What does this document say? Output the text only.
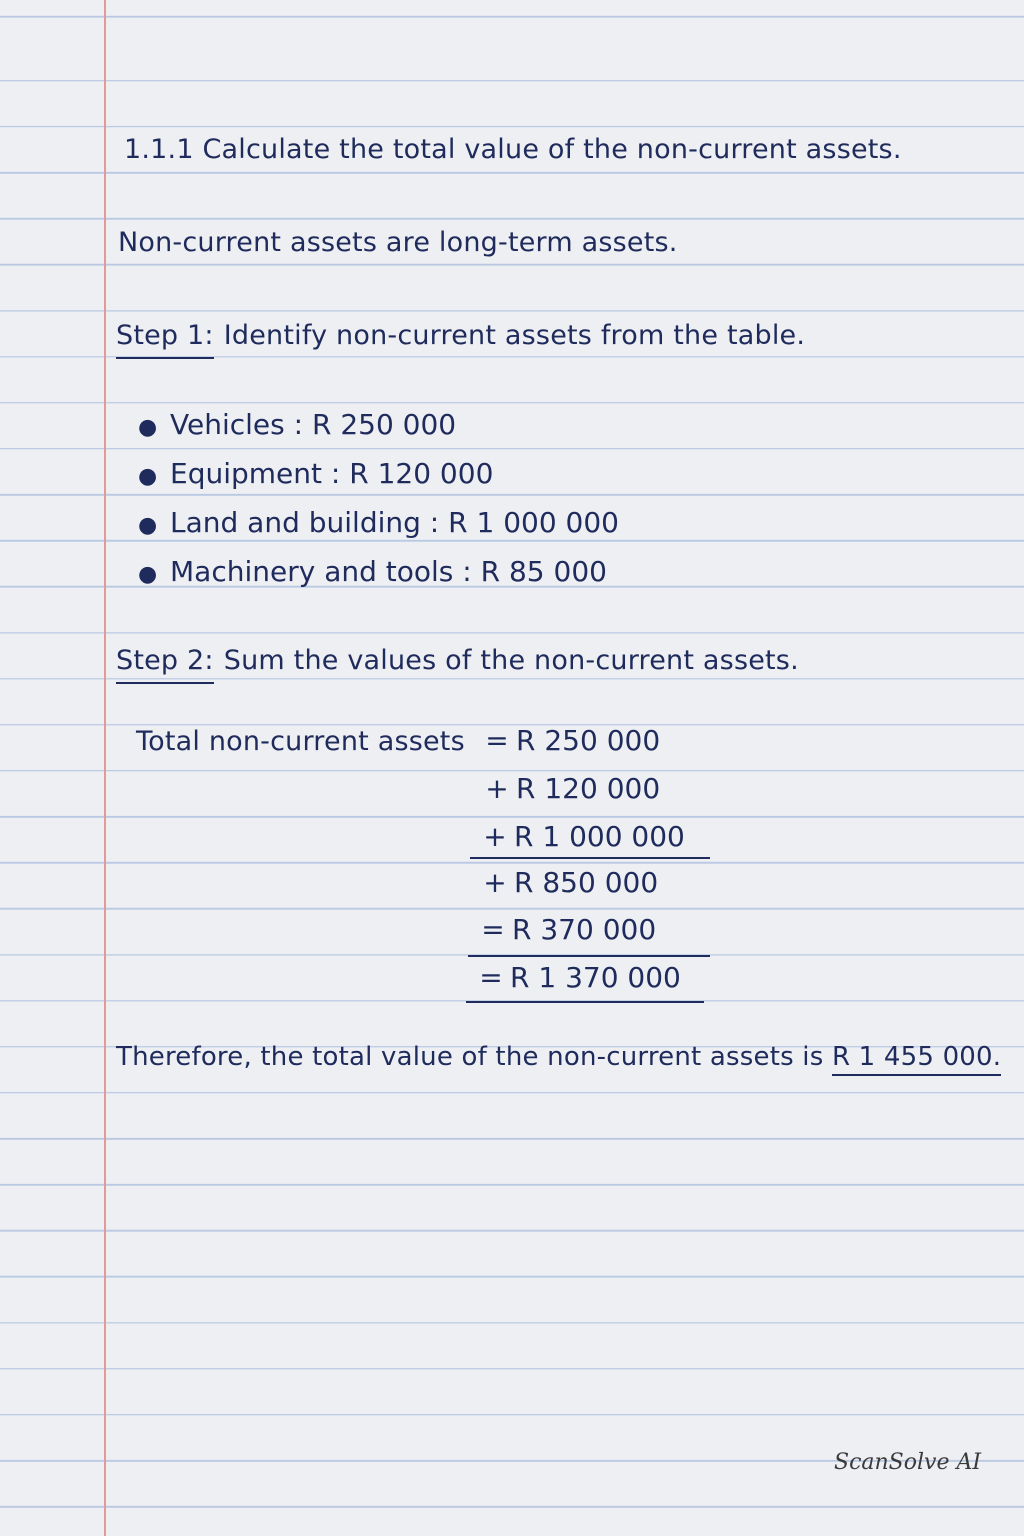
1.1.1 Calculate the total value of the non-current assets.
Non-current assets are long-term assets.
Step 1: Identify non-current assets from the table.
● Vehicles : R 250 000
● Equipment : R 120 000
● Land and building : R 1 000 000
● Machinery and tools : R 85 000
Step 2: Sum the values of the non-current assets.
Total non-current assets = R 250 000
+ R 120 000
+ R 1 000 000
+ R 850 000
= R 370 000
= R 1 370 000
Therefore, the total value of the non-current assets is R 1 455 000.
ScanSolve AI
